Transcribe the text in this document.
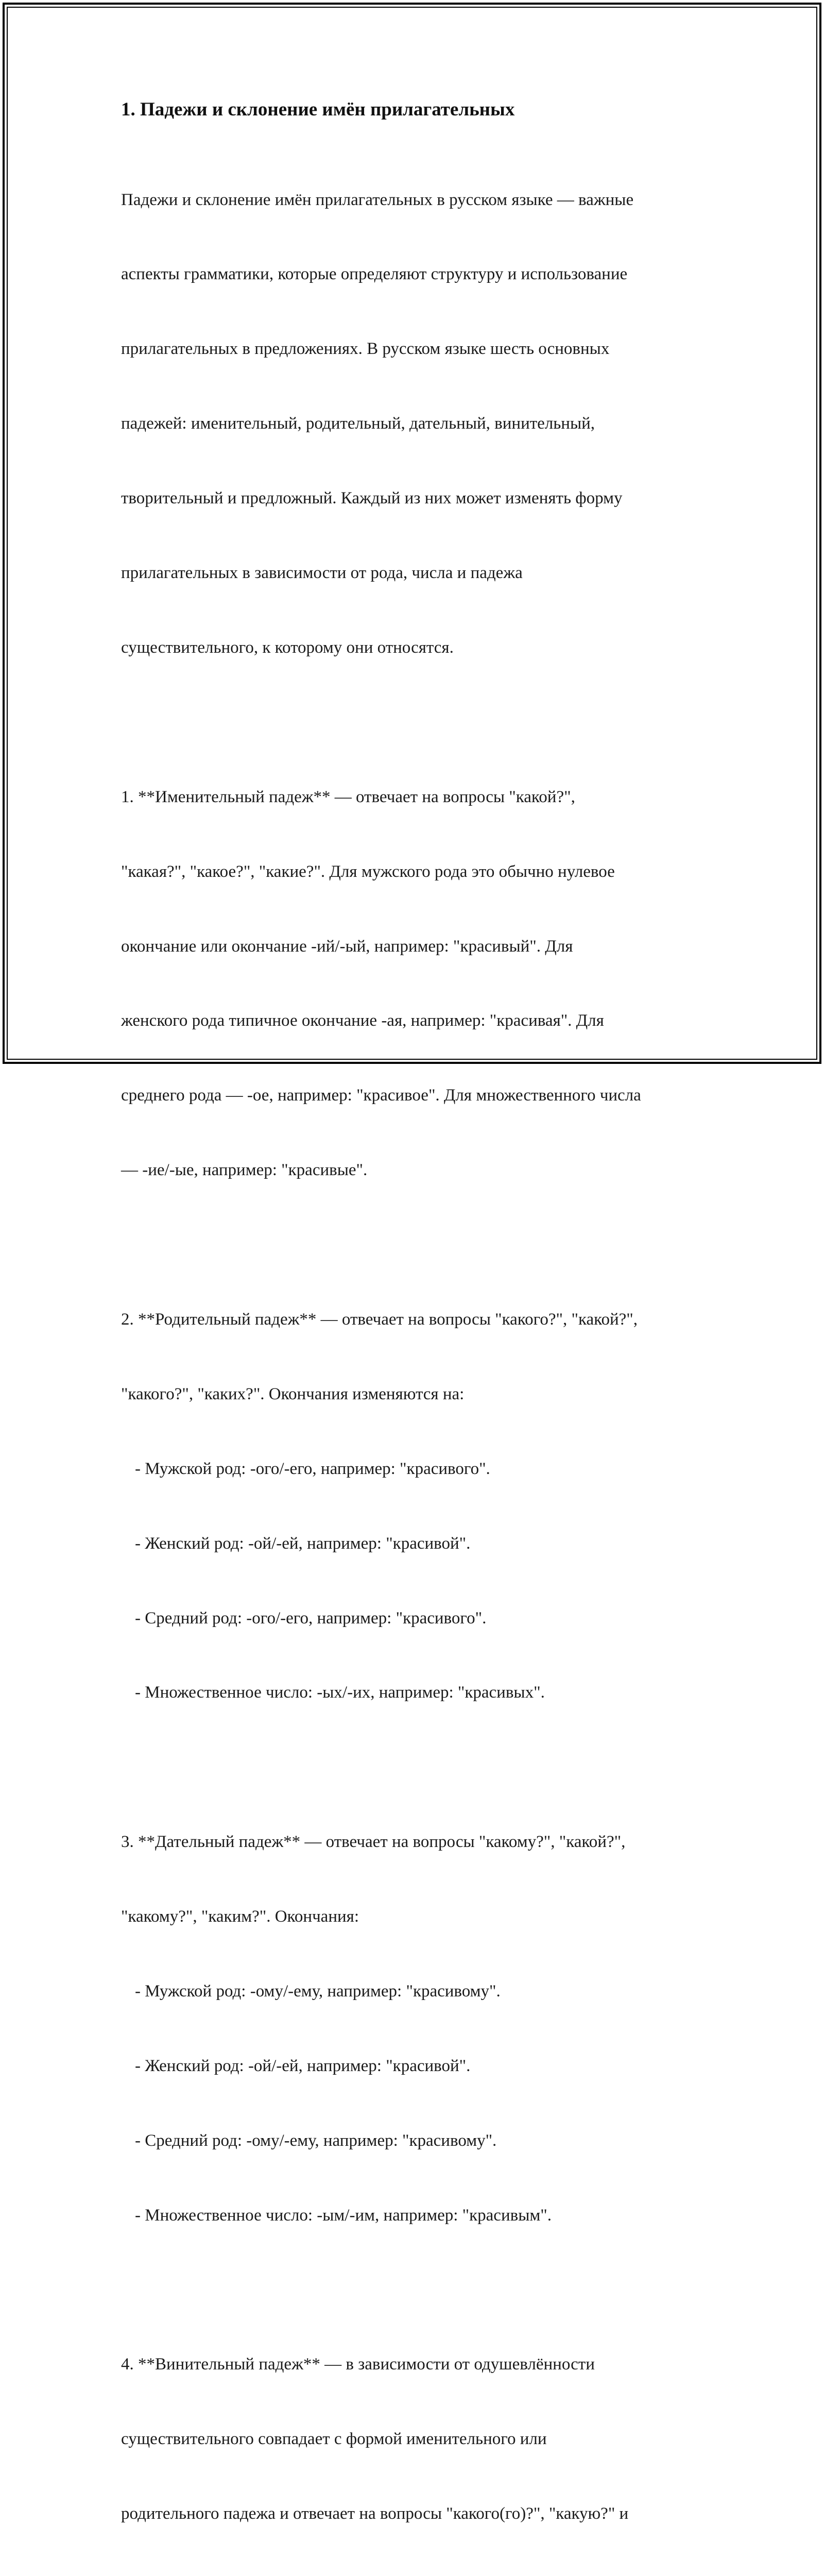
1. Падежи и склонение имён прилагательных

Падежи и склонение имён прилагательных в русском языке — важные

аспекты грамматики, которые определяют структуру и использование

прилагательных в предложениях. В русском языке шесть основных

падежей: именительный, родительный, дательный, винительный,

творительный и предложный. Каждый из них может изменять форму

прилагательных в зависимости от рода, числа и падежа

существительного, к которому они относятся.

1. **Именительный падеж** — отвечает на вопросы "какой?",

"какая?", "какое?", "какие?". Для мужского рода это обычно нулевое

окончание или окончание -ий/-ый, например: "красивый". Для

женского рода типичное окончание -ая, например: "красивая". Для

среднего рода — -ое, например: "красивое". Для множественного числа

— -ие/-ые, например: "красивые".

2. **Родительный падеж** — отвечает на вопросы "какого?", "какой?",

"какого?", "каких?". Окончания изменяются на:

- Мужской род: -ого/-его, например: "красивого".

- Женский род: -ой/-ей, например: "красивой".

- Средний род: -ого/-его, например: "красивого".

- Множественное число: -ых/-их, например: "красивых".

3. **Дательный падеж** — отвечает на вопросы "какому?", "какой?",

"какому?", "каким?". Окончания:

- Мужской род: -ому/-ему, например: "красивому".

- Женский род: -ой/-ей, например: "красивой".

- Средний род: -ому/-ему, например: "красивому".

- Множественное число: -ым/-им, например: "красивым".

4. **Винительный падеж** — в зависимости от одушевлённости

существительного совпадает с формой именительного или

родительного падежа и отвечает на вопросы "какого(го)?", "какую?" и
